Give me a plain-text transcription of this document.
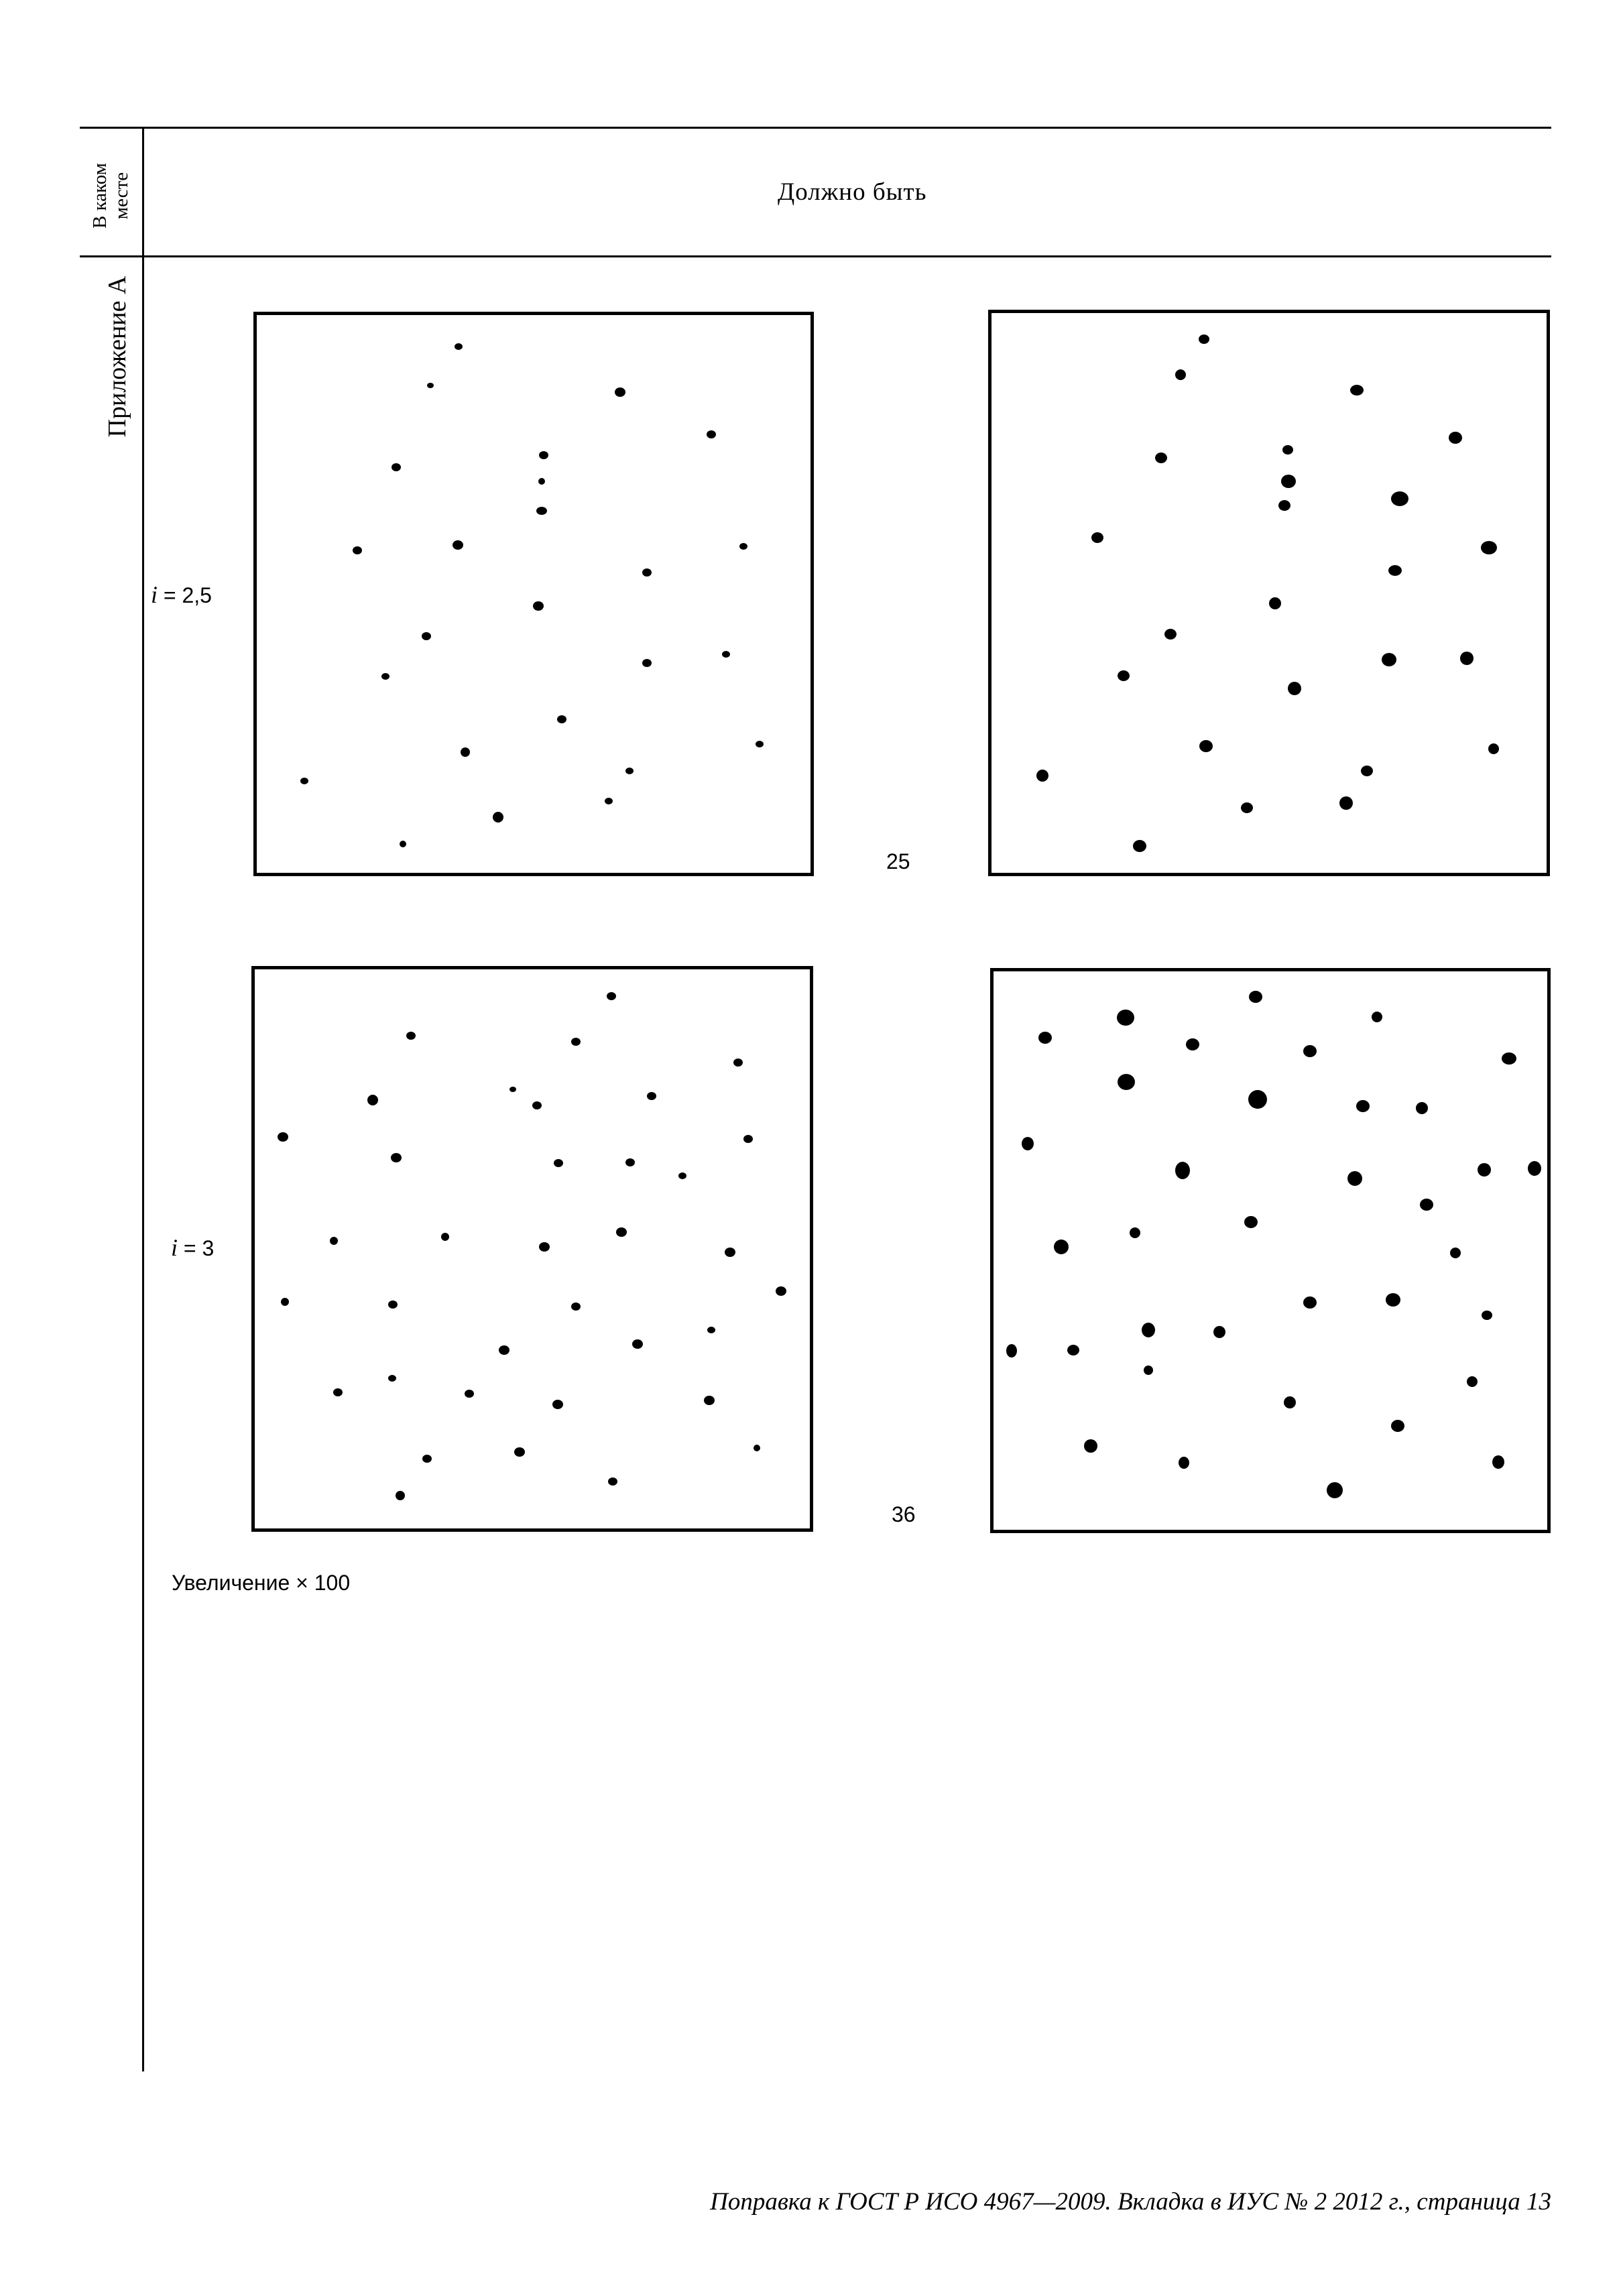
В каком месте	Должно быть
Приложение А
i = 2,5
i = 3
25
36
Увеличение × 100
Поправка к ГОСТ Р ИСО 4967—2009. Вкладка в ИУС № 2 2012 г., страница 13
